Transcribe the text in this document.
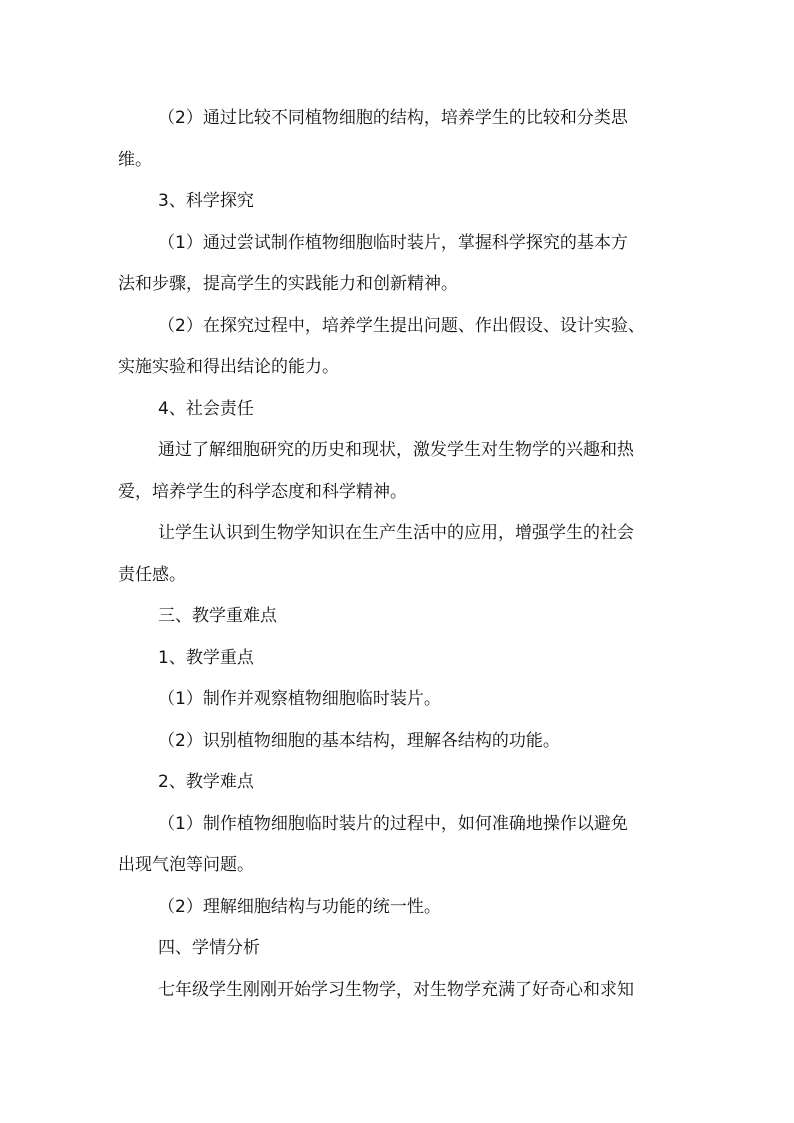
（2）通过比较不同植物细胞的结构，培养学生的比较和分类思
维。
3、科学探究
（1）通过尝试制作植物细胞临时装片，掌握科学探究的基本方
法和步骤，提高学生的实践能力和创新精神。
（2）在探究过程中，培养学生提出问题、作出假设、设计实验、
实施实验和得出结论的能力。
4、社会责任
通过了解细胞研究的历史和现状，激发学生对生物学的兴趣和热
爱，培养学生的科学态度和科学精神。
让学生认识到生物学知识在生产生活中的应用，增强学生的社会
责任感。
三、教学重难点
1、教学重点
（1）制作并观察植物细胞临时装片。
（2）识别植物细胞的基本结构，理解各结构的功能。
2、教学难点
（1）制作植物细胞临时装片的过程中，如何准确地操作以避免
出现气泡等问题。
（2）理解细胞结构与功能的统一性。
四、学情分析
七年级学生刚刚开始学习生物学，对生物学充满了好奇心和求知
